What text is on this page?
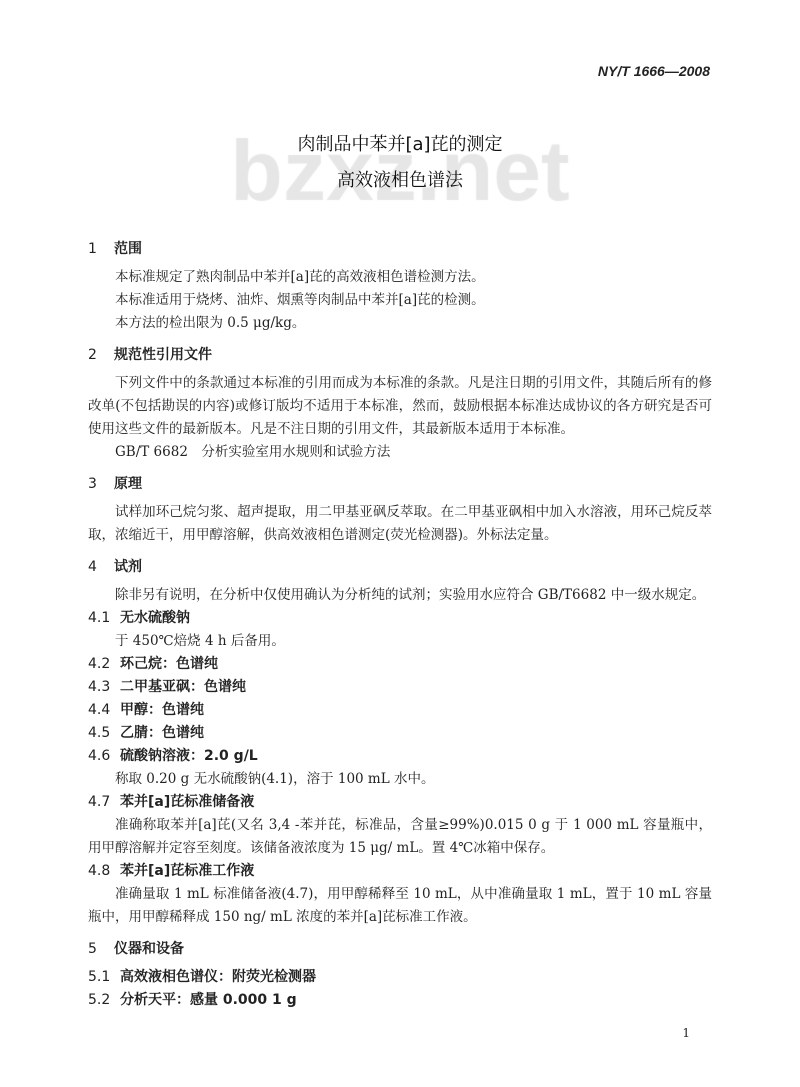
NY/T 1666—2008
肉制品中苯并[a]芘的测定
高效液相色谱法
1 范围
本标准规定了熟肉制品中苯并[a]芘的高效液相色谱检测方法。
本标准适用于烧烤、油炸、烟熏等肉制品中苯并[a]芘的检测。
本方法的检出限为 0.5 μg/kg。
2 规范性引用文件
下列文件中的条款通过本标准的引用而成为本标准的条款。凡是注日期的引用文件，其随后所有的修改单(不包括勘误的内容)或修订版均不适用于本标准，然而，鼓励根据本标准达成协议的各方研究是否可使用这些文件的最新版本。凡是不注日期的引用文件，其最新版本适用于本标准。
GB/T 6682　分析实验室用水规则和试验方法
3 原理
试样加环己烷匀浆、超声提取，用二甲基亚砜反萃取。在二甲基亚砜相中加入水溶液，用环己烷反萃取，浓缩近干，用甲醇溶解，供高效液相色谱测定(荧光检测器)。外标法定量。
4 试剂
除非另有说明，在分析中仅使用确认为分析纯的试剂；实验用水应符合 GB/T6682 中一级水规定。
4.1 无水硫酸钠
于 450℃焙烧 4 h 后备用。
4.2 环己烷：色谱纯
4.3 二甲基亚砜：色谱纯
4.4 甲醇：色谱纯
4.5 乙腈：色谱纯
4.6 硫酸钠溶液：2.0 g/L
称取 0.20 g 无水硫酸钠(4.1)，溶于 100 mL 水中。
4.7 苯并[a]芘标准储备液
准确称取苯并[a]芘(又名 3,4 -苯并芘，标准品，含量≥99%)0.015 0 g 于 1 000 mL 容量瓶中，用甲醇溶解并定容至刻度。该储备液浓度为 15 μg/ mL。置 4℃冰箱中保存。
4.8 苯并[a]芘标准工作液
准确量取 1 mL 标准储备液(4.7)，用甲醇稀释至 10 mL，从中准确量取 1 mL，置于 10 mL 容量瓶中，用甲醇稀释成 150 ng/ mL 浓度的苯并[a]芘标准工作液。
5 仪器和设备
5.1 高效液相色谱仪：附荧光检测器
5.2 分析天平：感量 0.000 1 g
1
